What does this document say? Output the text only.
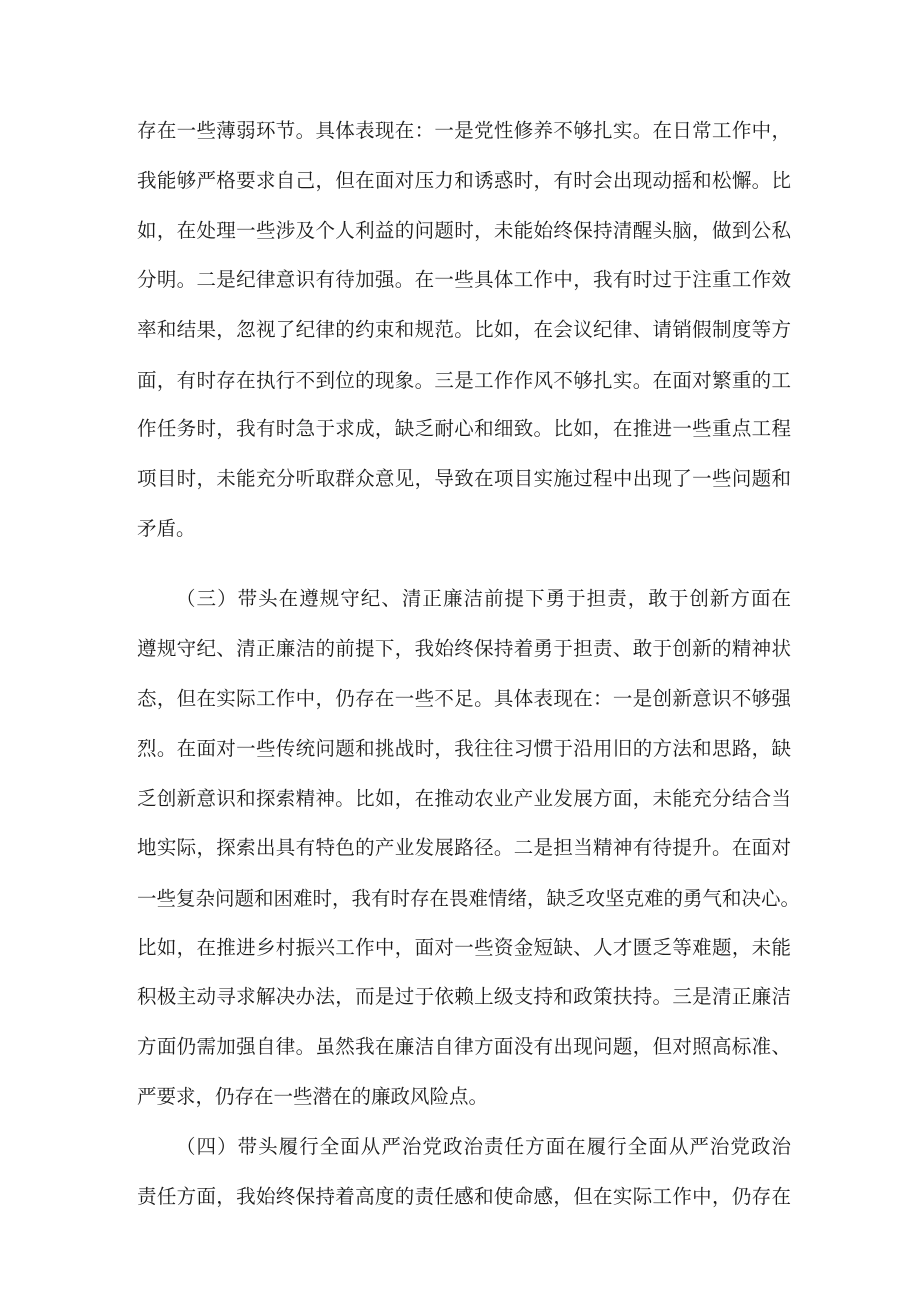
存在一些薄弱环节。具体表现在：一是党性修养不够扎实。在日常工作中，
我能够严格要求自己，但在面对压力和诱惑时，有时会出现动摇和松懈。比
如，在处理一些涉及个人利益的问题时，未能始终保持清醒头脑，做到公私
分明。二是纪律意识有待加强。在一些具体工作中，我有时过于注重工作效
率和结果，忽视了纪律的约束和规范。比如，在会议纪律、请销假制度等方
面，有时存在执行不到位的现象。三是工作作风不够扎实。在面对繁重的工
作任务时，我有时急于求成，缺乏耐心和细致。比如，在推进一些重点工程
项目时，未能充分听取群众意见，导致在项目实施过程中出现了一些问题和
矛盾。
（三）带头在遵规守纪、清正廉洁前提下勇于担责，敢于创新方面在
遵规守纪、清正廉洁的前提下，我始终保持着勇于担责、敢于创新的精神状
态，但在实际工作中，仍存在一些不足。具体表现在：一是创新意识不够强
烈。在面对一些传统问题和挑战时，我往往习惯于沿用旧的方法和思路，缺
乏创新意识和探索精神。比如，在推动农业产业发展方面，未能充分结合当
地实际，探索出具有特色的产业发展路径。二是担当精神有待提升。在面对
一些复杂问题和困难时，我有时存在畏难情绪，缺乏攻坚克难的勇气和决心。
比如，在推进乡村振兴工作中，面对一些资金短缺、人才匮乏等难题，未能
积极主动寻求解决办法，而是过于依赖上级支持和政策扶持。三是清正廉洁
方面仍需加强自律。虽然我在廉洁自律方面没有出现问题，但对照高标准、
严要求，仍存在一些潜在的廉政风险点。
（四）带头履行全面从严治党政治责任方面在履行全面从严治党政治
责任方面，我始终保持着高度的责任感和使命感，但在实际工作中，仍存在
